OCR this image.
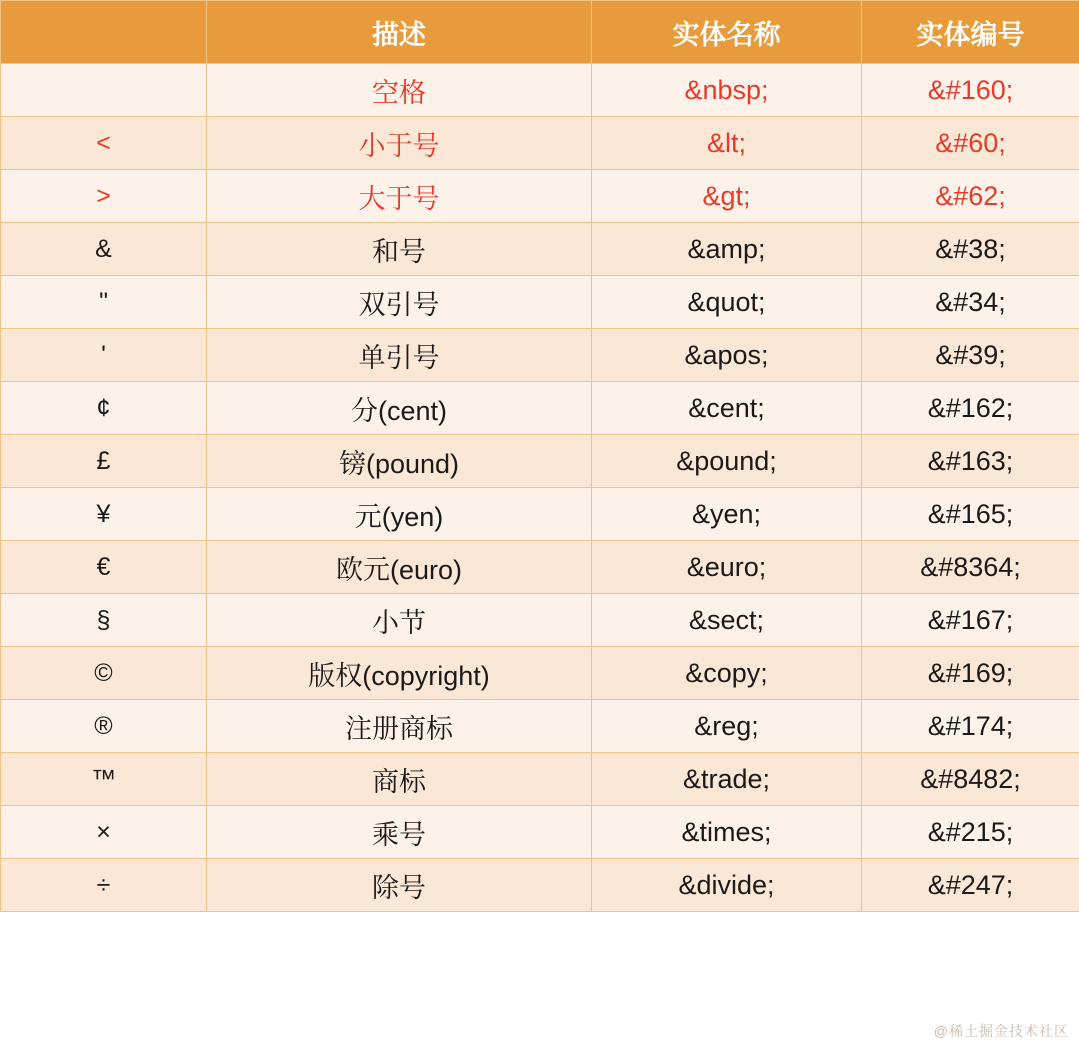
	描述	实体名称	实体编号
	空格	&nbsp;	&#160;
<	小于号	&lt;	&#60;
>	大于号	&gt;	&#62;
&	和号	&amp;	&#38;
"	双引号	&quot;	&#34;
'	单引号	&apos;	&#39;
¢	分(cent)	&cent;	&#162;
£	镑(pound)	&pound;	&#163;
¥	元(yen)	&yen;	&#165;
€	欧元(euro)	&euro;	&#8364;
§	小节	&sect;	&#167;
©	版权(copyright)	&copy;	&#169;
®	注册商标	&reg;	&#174;
™	商标	&trade;	&#8482;
×	乘号	&times;	&#215;
÷	除号	&divide;	&#247;
@稀土掘金技术社区
